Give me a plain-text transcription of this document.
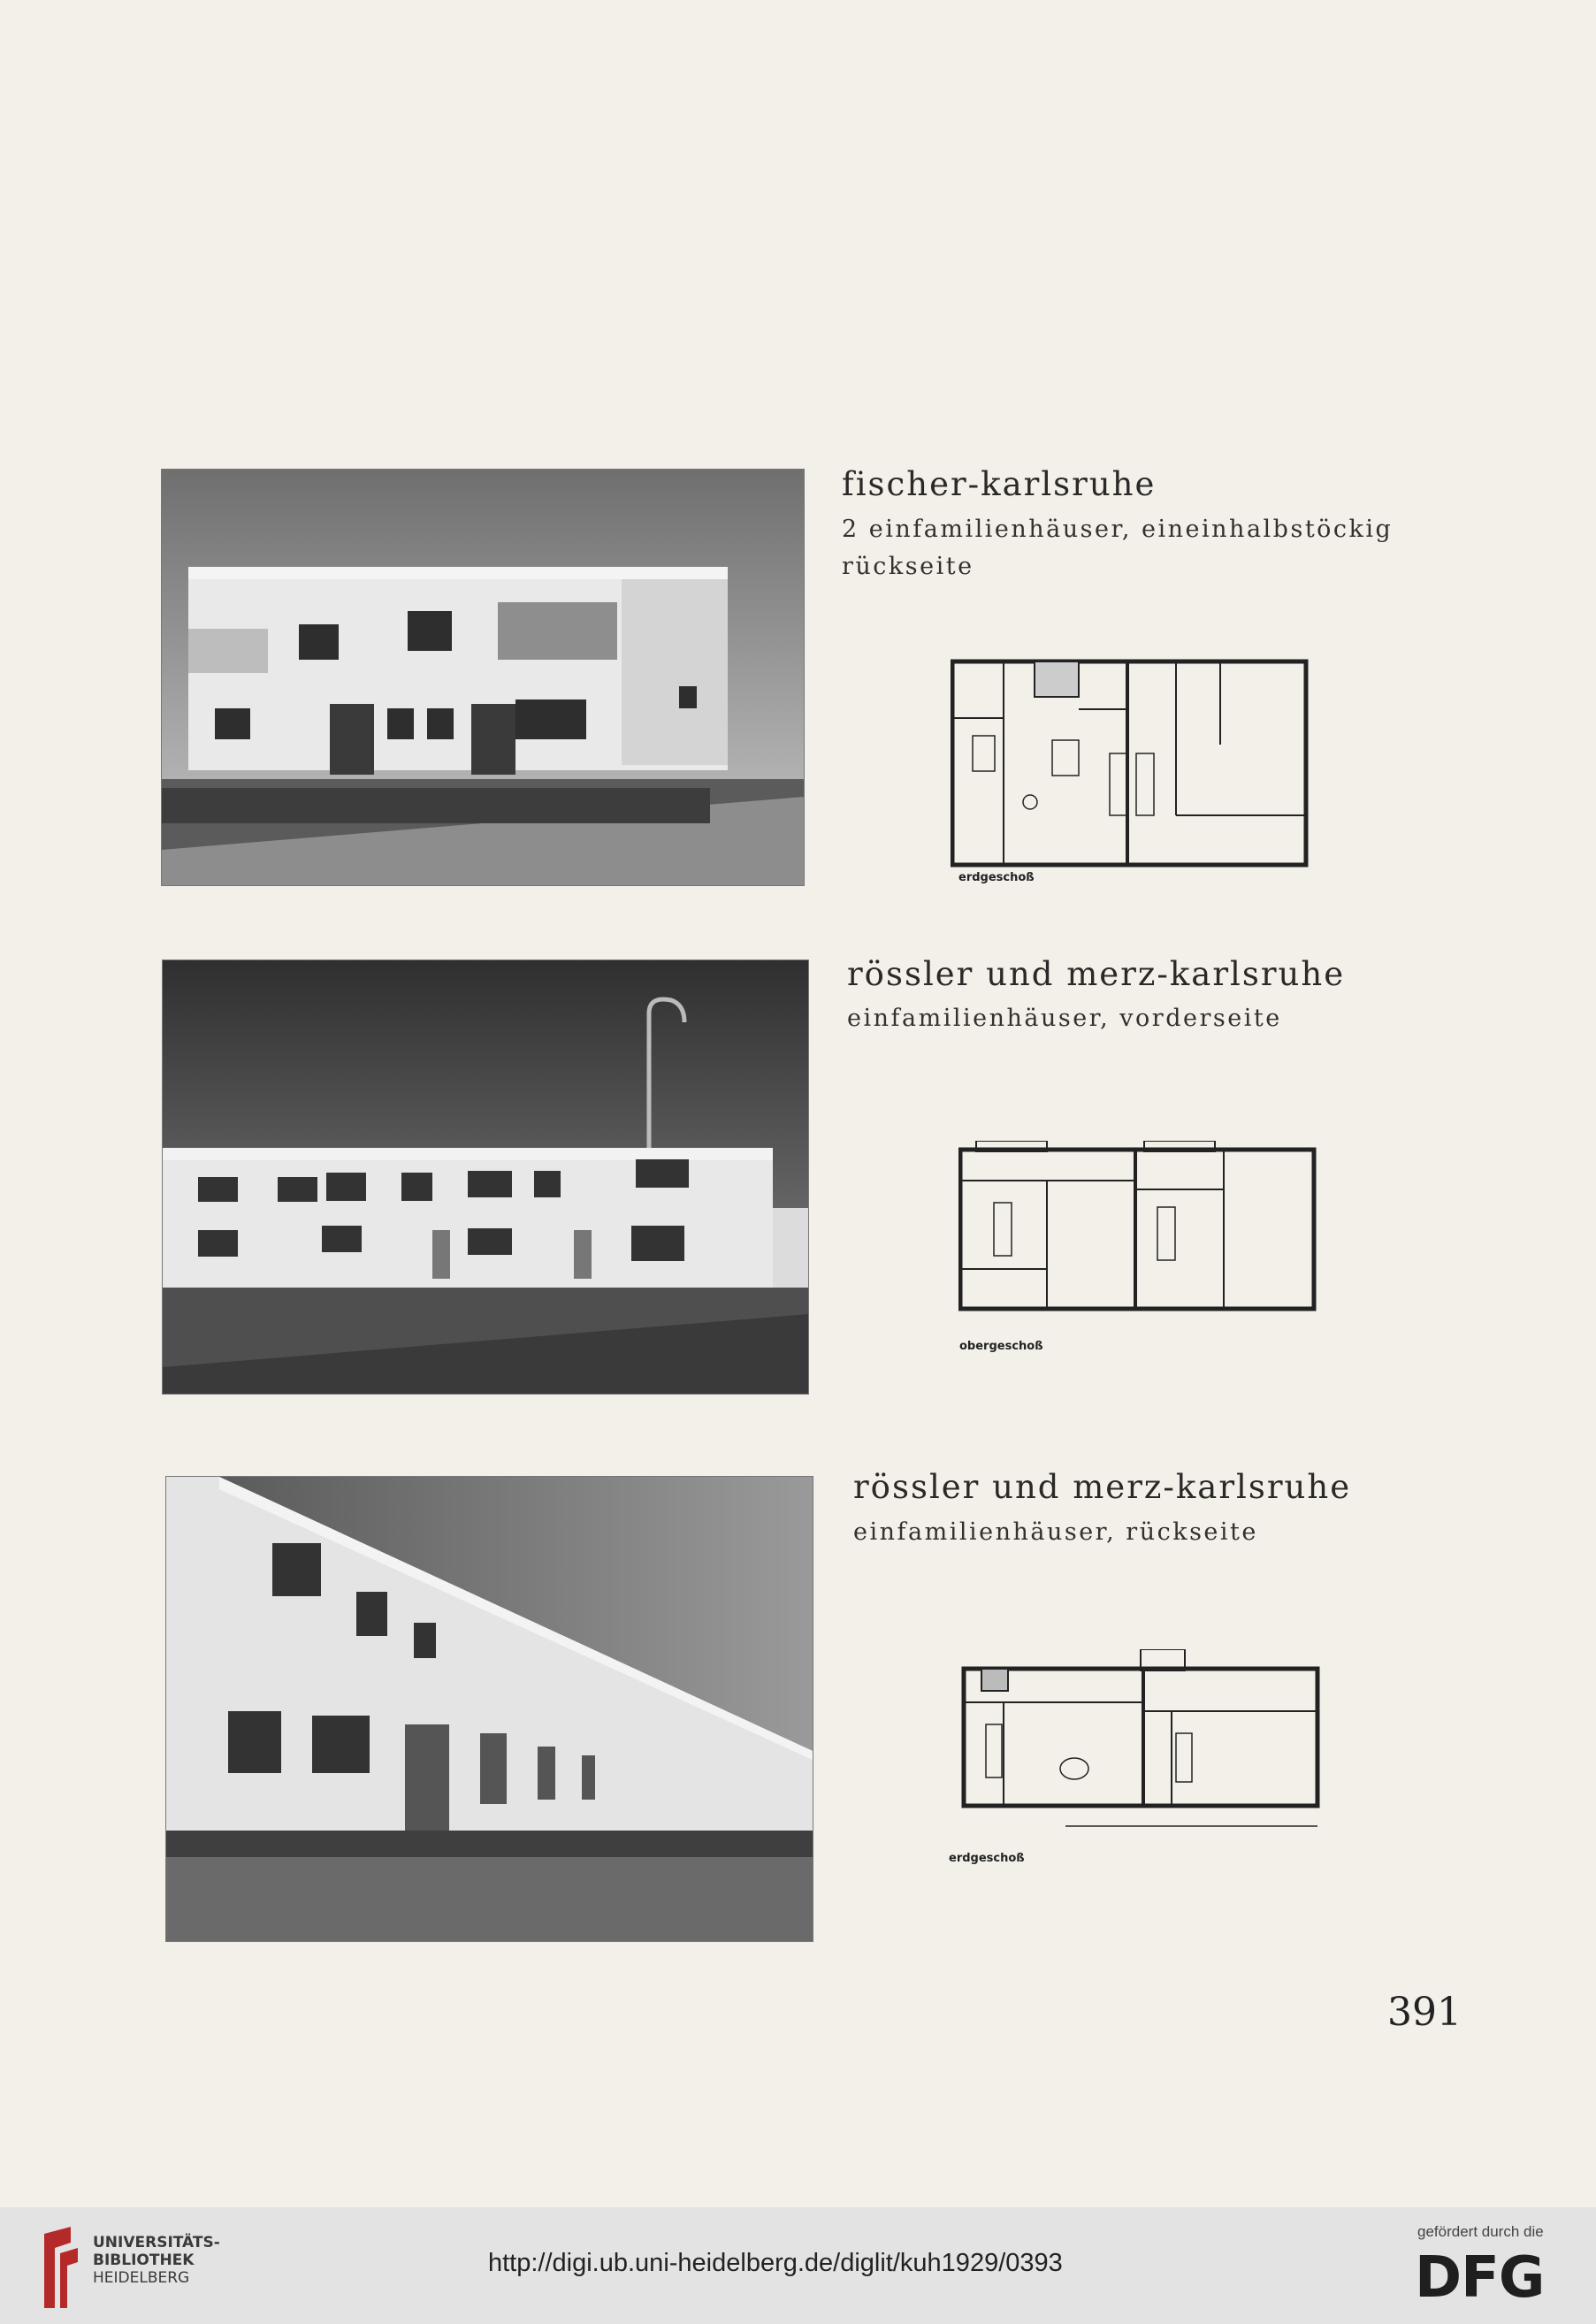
fischer-karlsruhe
2 einfamilienhäuser, eineinhalbstöckig
rückseite
erdgeschoß
rössler und merz-karlsruhe
einfamilienhäuser, vorderseite
obergeschoß
rössler und merz-karlsruhe
einfamilienhäuser, rückseite
erdgeschoß
391
UNIVERSITÄTS-
BIBLIOTHEK
HEIDELBERG
http://digi.ub.uni-heidelberg.de/diglit/kuh1929/0393
gefördert durch die
DFG
